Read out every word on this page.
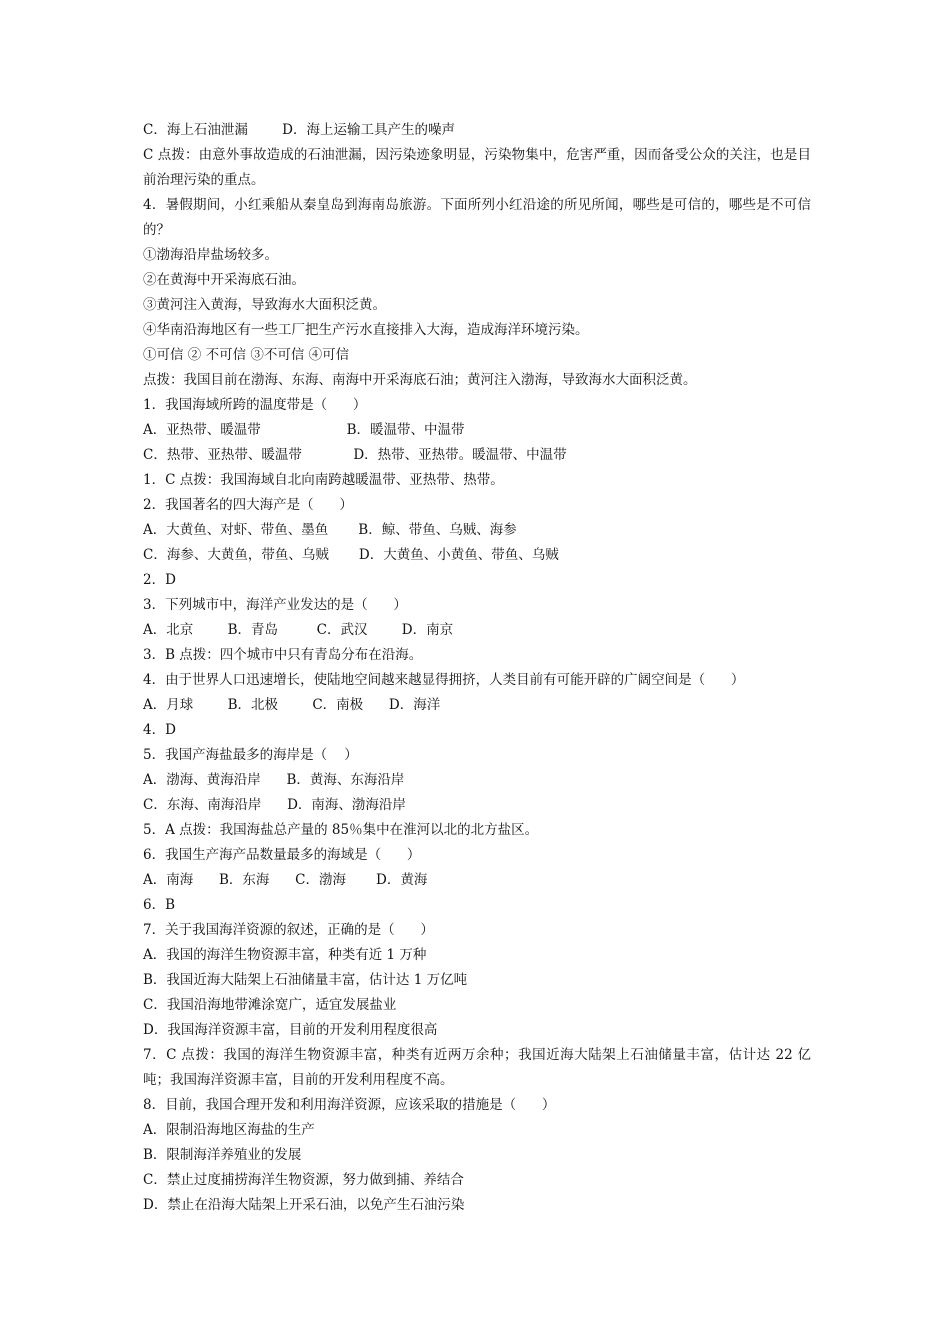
C．海上石油泄漏        D．海上运输工具产生的噪声
C 点拨：由意外事故造成的石油泄漏，因污染迹象明显，污染物集中，危害严重，因而备受公众的关注，也是目前治理污染的重点。
4．暑假期间，小红乘船从秦皇岛到海南岛旅游。下面所列小红沿途的所见所闻，哪些是可信的，哪些是不可信的？
①渤海沿岸盐场较多。
②在黄海中开采海底石油。
③黄河注入黄海，导致海水大面积泛黄。
④华南沿海地区有一些工厂把生产污水直接排入大海，造成海洋环境污染。
①可信 ② 不可信 ③不可信 ④可信
点拨：我国目前在渤海、东海、南海中开采海底石油；黄河注入渤海，导致海水大面积泛黄。
1．我国海域所跨的温度带是（      ）
A．亚热带、暖温带                    B．暖温带、中温带
C．热带、亚热带、暖温带            D．热带、亚热带。暖温带、中温带
1．C 点拨：我国海域自北向南跨越暖温带、亚热带、热带。
2．我国著名的四大海产是（      ）
A．大黄鱼、对虾、带鱼、墨鱼       B．鲸、带鱼、乌贼、海参
C．海参、大黄鱼，带鱼、乌贼       D．大黄鱼、小黄鱼、带鱼、乌贼
2．D
3．下列城市中，海洋产业发达的是（      ）
A．北京        B．青岛         C．武汉        D．南京
3．B 点拨：四个城市中只有青岛分布在沿海。
4．由于世界人口迅速增长，使陆地空间越来越显得拥挤，人类目前有可能开辟的广阔空间是（      ）
A．月球        B．北极        C．南极      D．海洋
4．D
5．我国产海盐最多的海岸是（    ）
A．渤海、黄海沿岸      B．黄海、东海沿岸
C．东海、南海沿岸      D．南海、渤海沿岸
5．A 点拨：我国海盐总产量的 85％集中在淮河以北的北方盐区。
6．我国生产海产品数量最多的海域是（      ）
A．南海      B．东海      C．渤海       D．黄海
6．B
7．关于我国海洋资源的叙述，正确的是（      ）
A．我国的海洋生物资源丰富，种类有近 1 万种
B．我国近海大陆架上石油储量丰富，估计达 1 万亿吨
C．我国沿海地带滩涂宽广，适宜发展盐业
D．我国海洋资源丰富，目前的开发利用程度很高
7．C 点拨：我国的海洋生物资源丰富，种类有近两万余种；我国近海大陆架上石油储量丰富，估计达 22 亿吨；我国海洋资源丰富，目前的开发利用程度不高。
8．目前，我国合理开发和利用海洋资源，应该采取的措施是（      ）
A．限制沿海地区海盐的生产
B．限制海洋养殖业的发展
C．禁止过度捕捞海洋生物资源，努力做到捕、养结合
D．禁止在沿海大陆架上开采石油，以免产生石油污染
